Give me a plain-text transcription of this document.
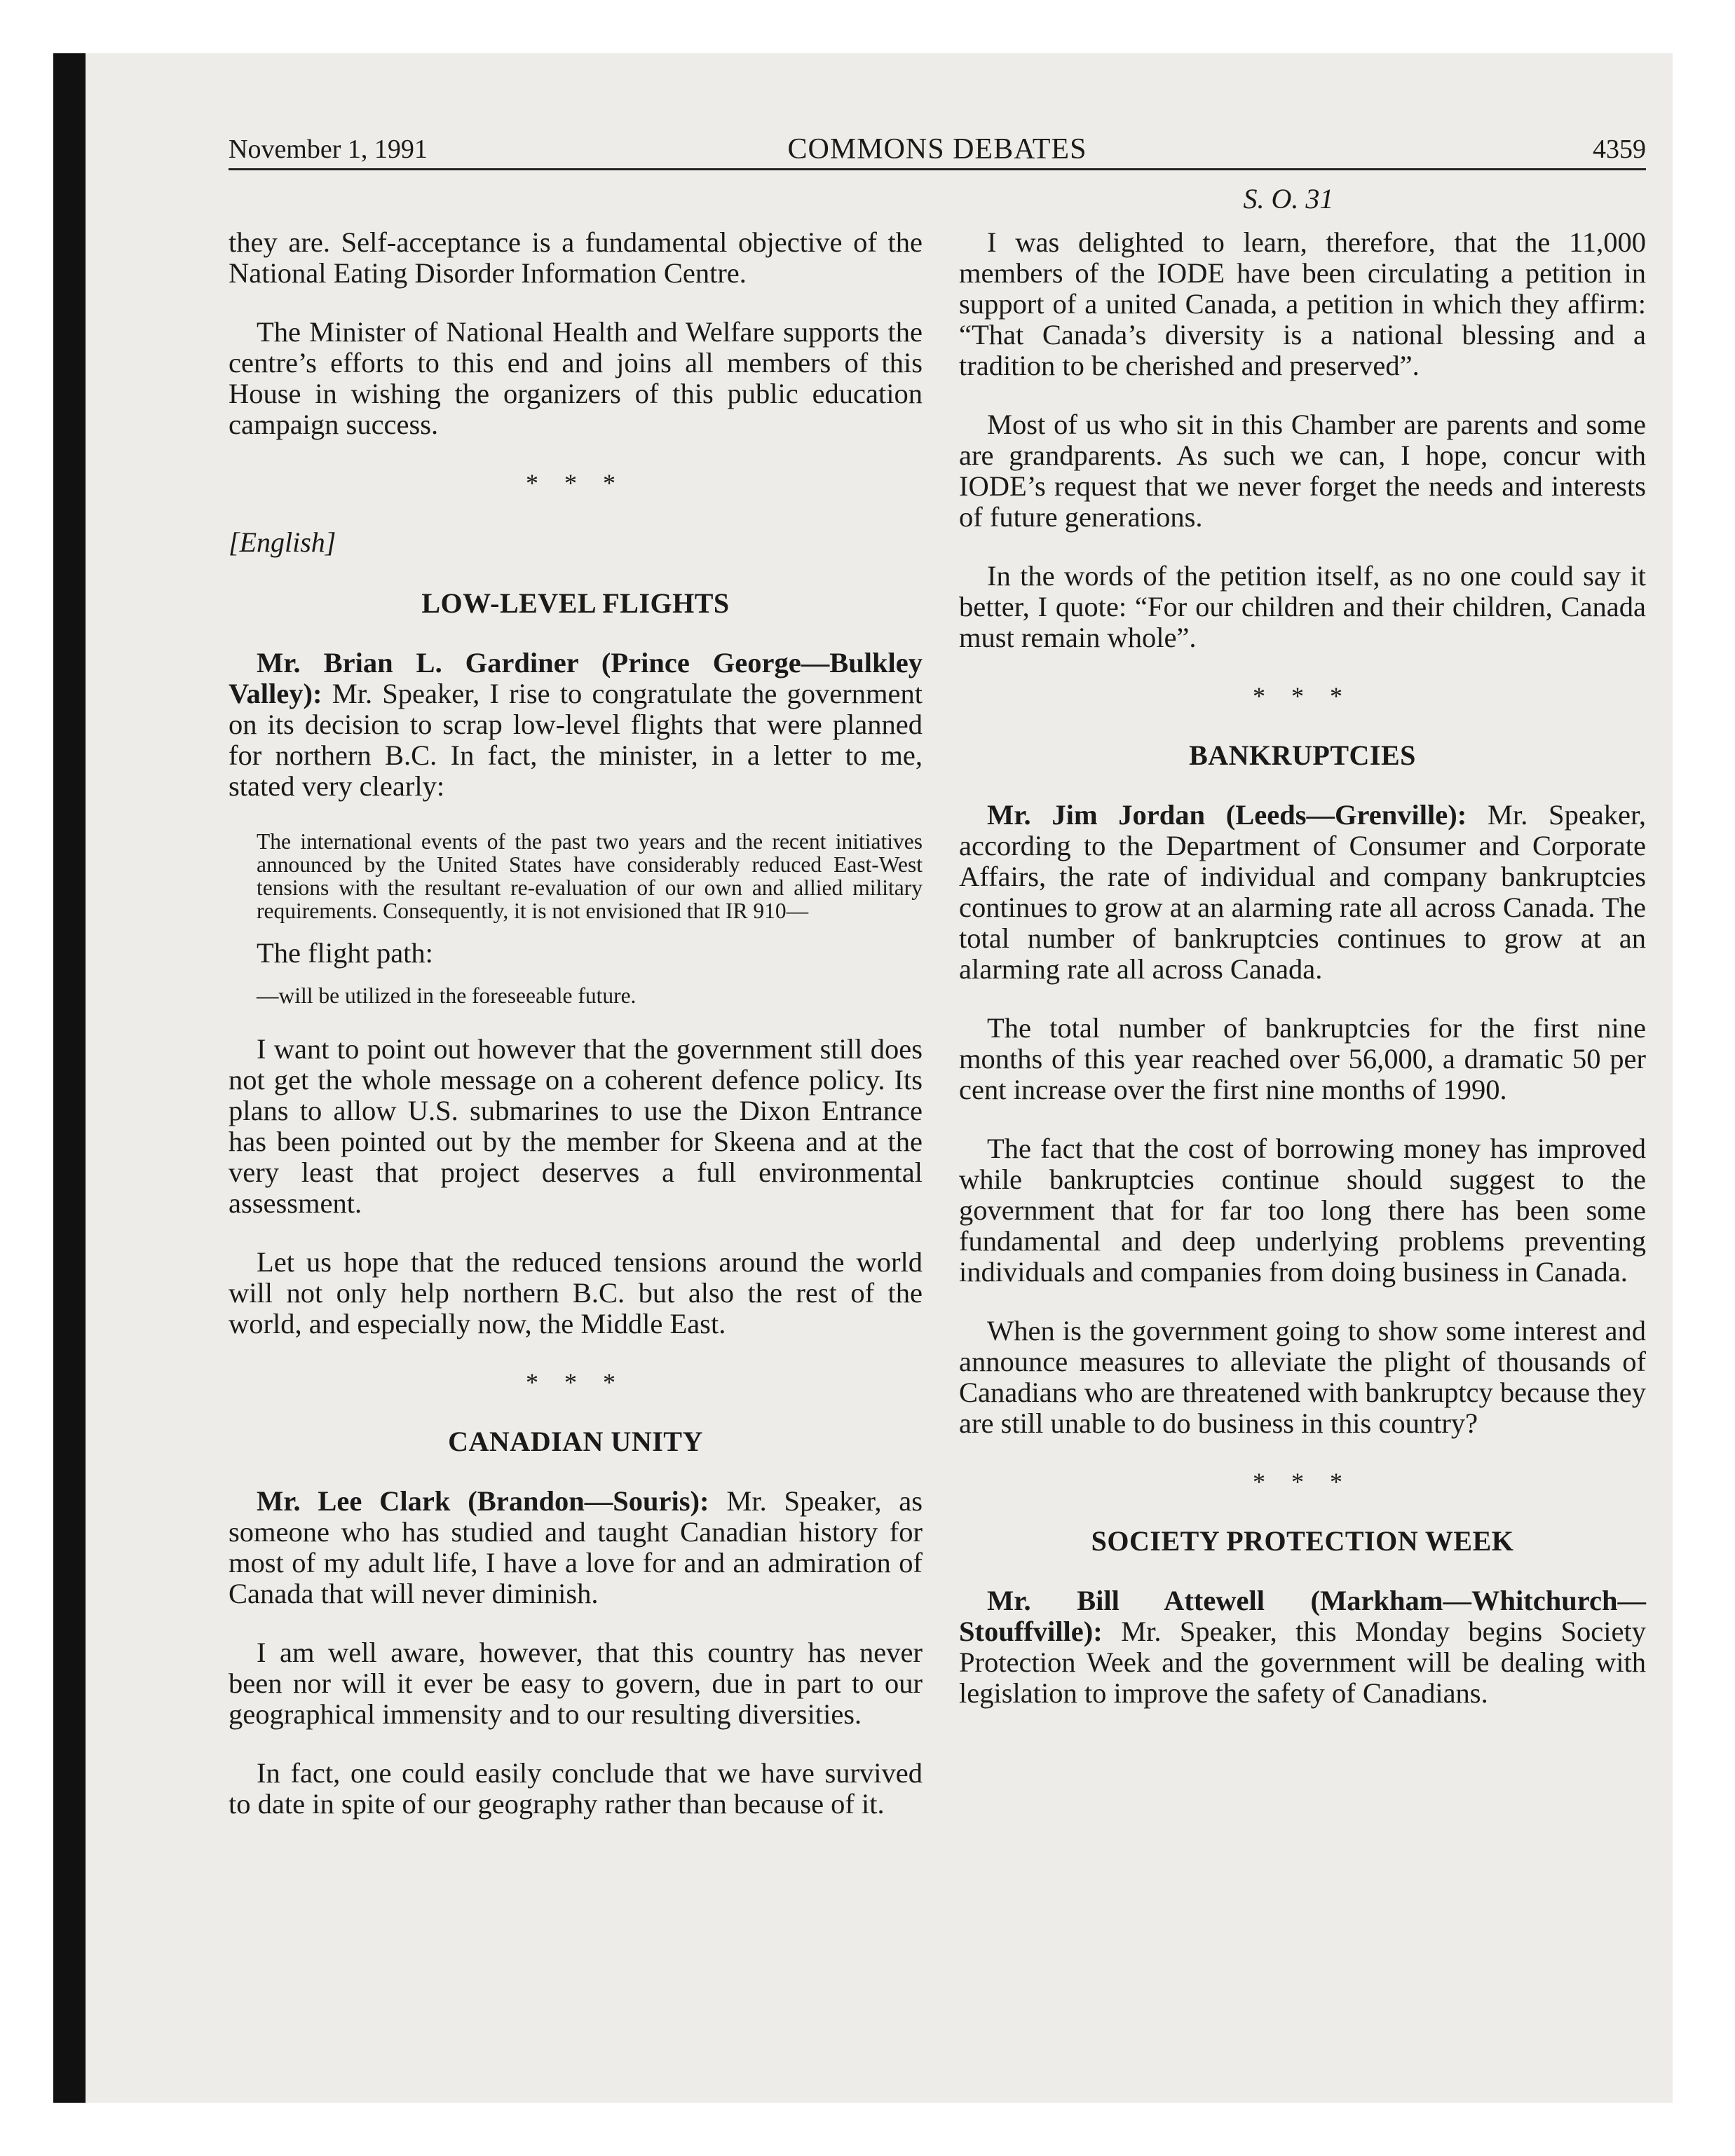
November 1, 1991	COMMONS DEBATES	4359
S. O. 31

they are. Self-acceptance is a fundamental objective of the National Eating Disorder Information Centre.

The Minister of National Health and Welfare supports the centre’s efforts to this end and joins all members of this House in wishing the organizers of this public education campaign success.

* * *
[English]
LOW-LEVEL FLIGHTS

Mr. Brian L. Gardiner (Prince George—Bulkley Valley): Mr. Speaker, I rise to congratulate the government on its decision to scrap low-level flights that were planned for northern B.C. In fact, the minister, in a letter to me, stated very clearly:

The international events of the past two years and the recent initiatives announced by the United States have considerably reduced East-West tensions with the resultant re-evaluation of our own and allied military requirements. Consequently, it is not envisioned that IR 910—

The flight path:

—will be utilized in the foreseeable future.

I want to point out however that the government still does not get the whole message on a coherent defence policy. Its plans to allow U.S. submarines to use the Dixon Entrance has been pointed out by the member for Skeena and at the very least that project deserves a full environmental assessment.

Let us hope that the reduced tensions around the world will not only help northern B.C. but also the rest of the world, and especially now, the Middle East.

* * *
CANADIAN UNITY

Mr. Lee Clark (Brandon—Souris): Mr. Speaker, as someone who has studied and taught Canadian history for most of my adult life, I have a love for and an admiration of Canada that will never diminish.

I am well aware, however, that this country has never been nor will it ever be easy to govern, due in part to our geographical immensity and to our resulting diversities.

In fact, one could easily conclude that we have survived to date in spite of our geography rather than because of it.

I was delighted to learn, therefore, that the 11,000 members of the IODE have been circulating a petition in support of a united Canada, a petition in which they affirm: “That Canada’s diversity is a national blessing and a tradition to be cherished and preserved”.

Most of us who sit in this Chamber are parents and some are grandparents. As such we can, I hope, concur with IODE’s request that we never forget the needs and interests of future generations.

In the words of the petition itself, as no one could say it better, I quote: “For our children and their children, Canada must remain whole”.

* * *
BANKRUPTCIES

Mr. Jim Jordan (Leeds—Grenville): Mr. Speaker, according to the Department of Consumer and Corporate Affairs, the rate of individual and company bankruptcies continues to grow at an alarming rate all across Canada. The total number of bankruptcies continues to grow at an alarming rate all across Canada.

The total number of bankruptcies for the first nine months of this year reached over 56,000, a dramatic 50 per cent increase over the first nine months of 1990.

The fact that the cost of borrowing money has improved while bankruptcies continue should suggest to the government that for far too long there has been some fundamental and deep underlying problems preventing individuals and companies from doing business in Canada.

When is the government going to show some interest and announce measures to alleviate the plight of thousands of Canadians who are threatened with bankruptcy because they are still unable to do business in this country?

* * *
SOCIETY PROTECTION WEEK

Mr. Bill Attewell (Markham—Whitchurch—Stouffville): Mr. Speaker, this Monday begins Society Protection Week and the government will be dealing with legislation to improve the safety of Canadians.
